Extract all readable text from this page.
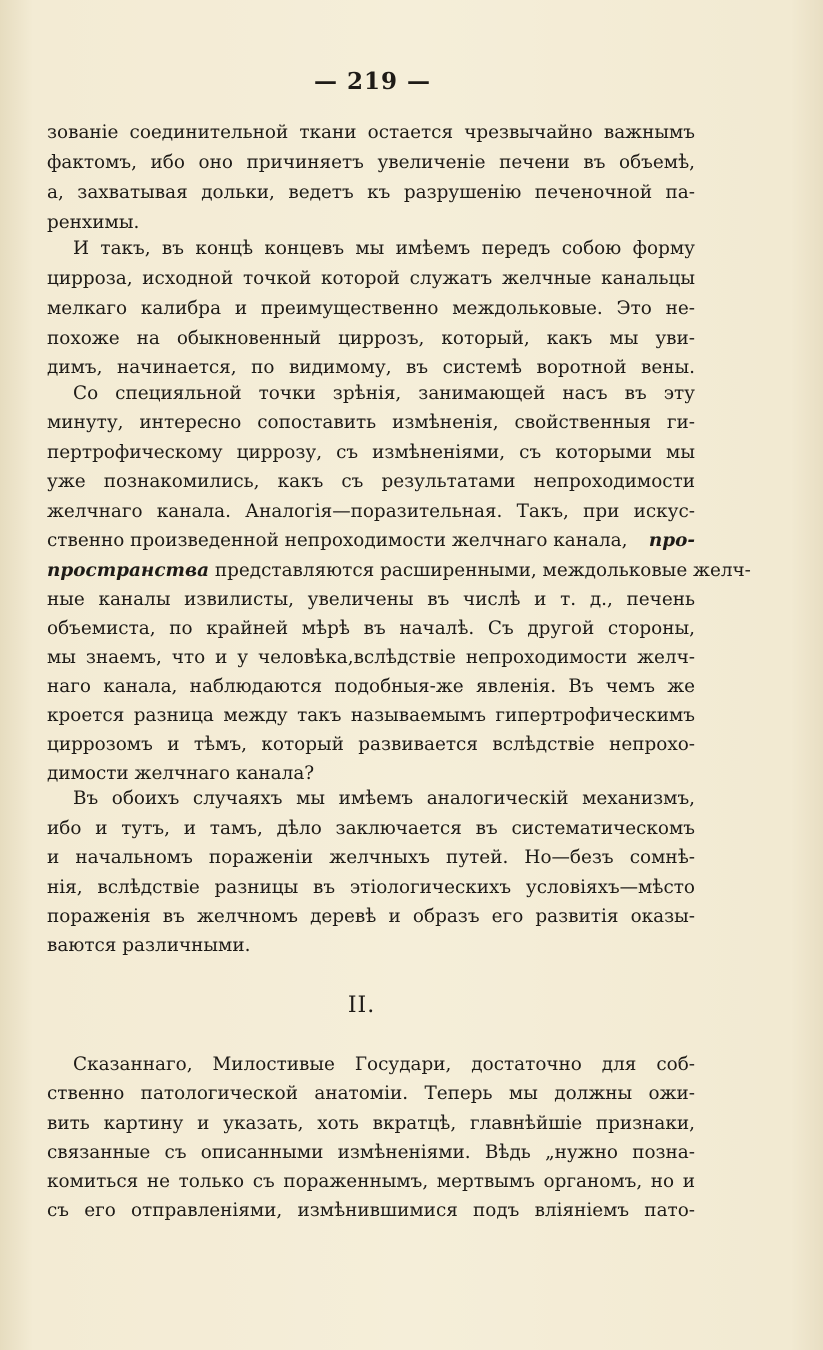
— 219 —
зованіе соединительной ткани остается чрезвычайно важнымъ
фактомъ, ибо оно причиняетъ увеличеніе печени въ объемѣ,
а, захватывая дольки, ведетъ къ разрушенію печеночной па-
ренхимы.
И такъ, въ концѣ концевъ мы имѣемъ передъ собою форму
цирроза, исходной точкой которой служатъ желчные канальцы
мелкаго калибра и преимущественно междольковые. Это не-
похоже на обыкновенный циррозъ, который, какъ мы уви-
димъ, начинается, по видимому, въ системѣ воротной вены.
Со специяльной точки зрѣнія, занимающей насъ въ эту
минуту, интересно сопоставить измѣненія, свойственныя ги-
пертрофическому циррозу, съ измѣненіями, съ которыми мы
уже познакомились, какъ съ результатами непроходимости
желчнаго канала. Аналогія—поразительная. Такъ, при искус-
ственно произведенной непроходимости желчнаго канала, про-
пространства представляются расширенными, междольковые желч-
ные каналы извилисты, увеличены въ числѣ и т. д., печень
объемиста, по крайней мѣрѣ въ началѣ. Съ другой стороны,
мы знаемъ, что и у человѣка,вслѣдствіе непроходимости желч-
наго канала, наблюдаются подобныя-же явленія. Въ чемъ же
кроется разница между такъ называемымъ гипертрофическимъ
циррозомъ и тѣмъ, который развивается вслѣдствіе непрохо-
димости желчнаго канала?
Въ обоихъ случаяхъ мы имѣемъ аналогическій механизмъ,
ибо и тутъ, и тамъ, дѣло заключается въ систематическомъ
и начальномъ пораженіи желчныхъ путей. Но—безъ сомнѣ-
нія, вслѣдствіе разницы въ этіологическихъ условіяхъ—мѣсто
пораженія въ желчномъ деревѣ и образъ его развитія оказы-
ваются различными.
II.
Сказаннаго, Милостивые Государи, достаточно для соб-
ственно патологической анатоміи. Теперь мы должны ожи-
вить картину и указать, хоть вкратцѣ, главнѣйшіе признаки,
связанные съ описанными измѣненіями. Вѣдь „нужно позна-
комиться не только съ пораженнымъ, мертвымъ органомъ, но и
съ его отправленіями, измѣнившимися подъ вліяніемъ пато-
